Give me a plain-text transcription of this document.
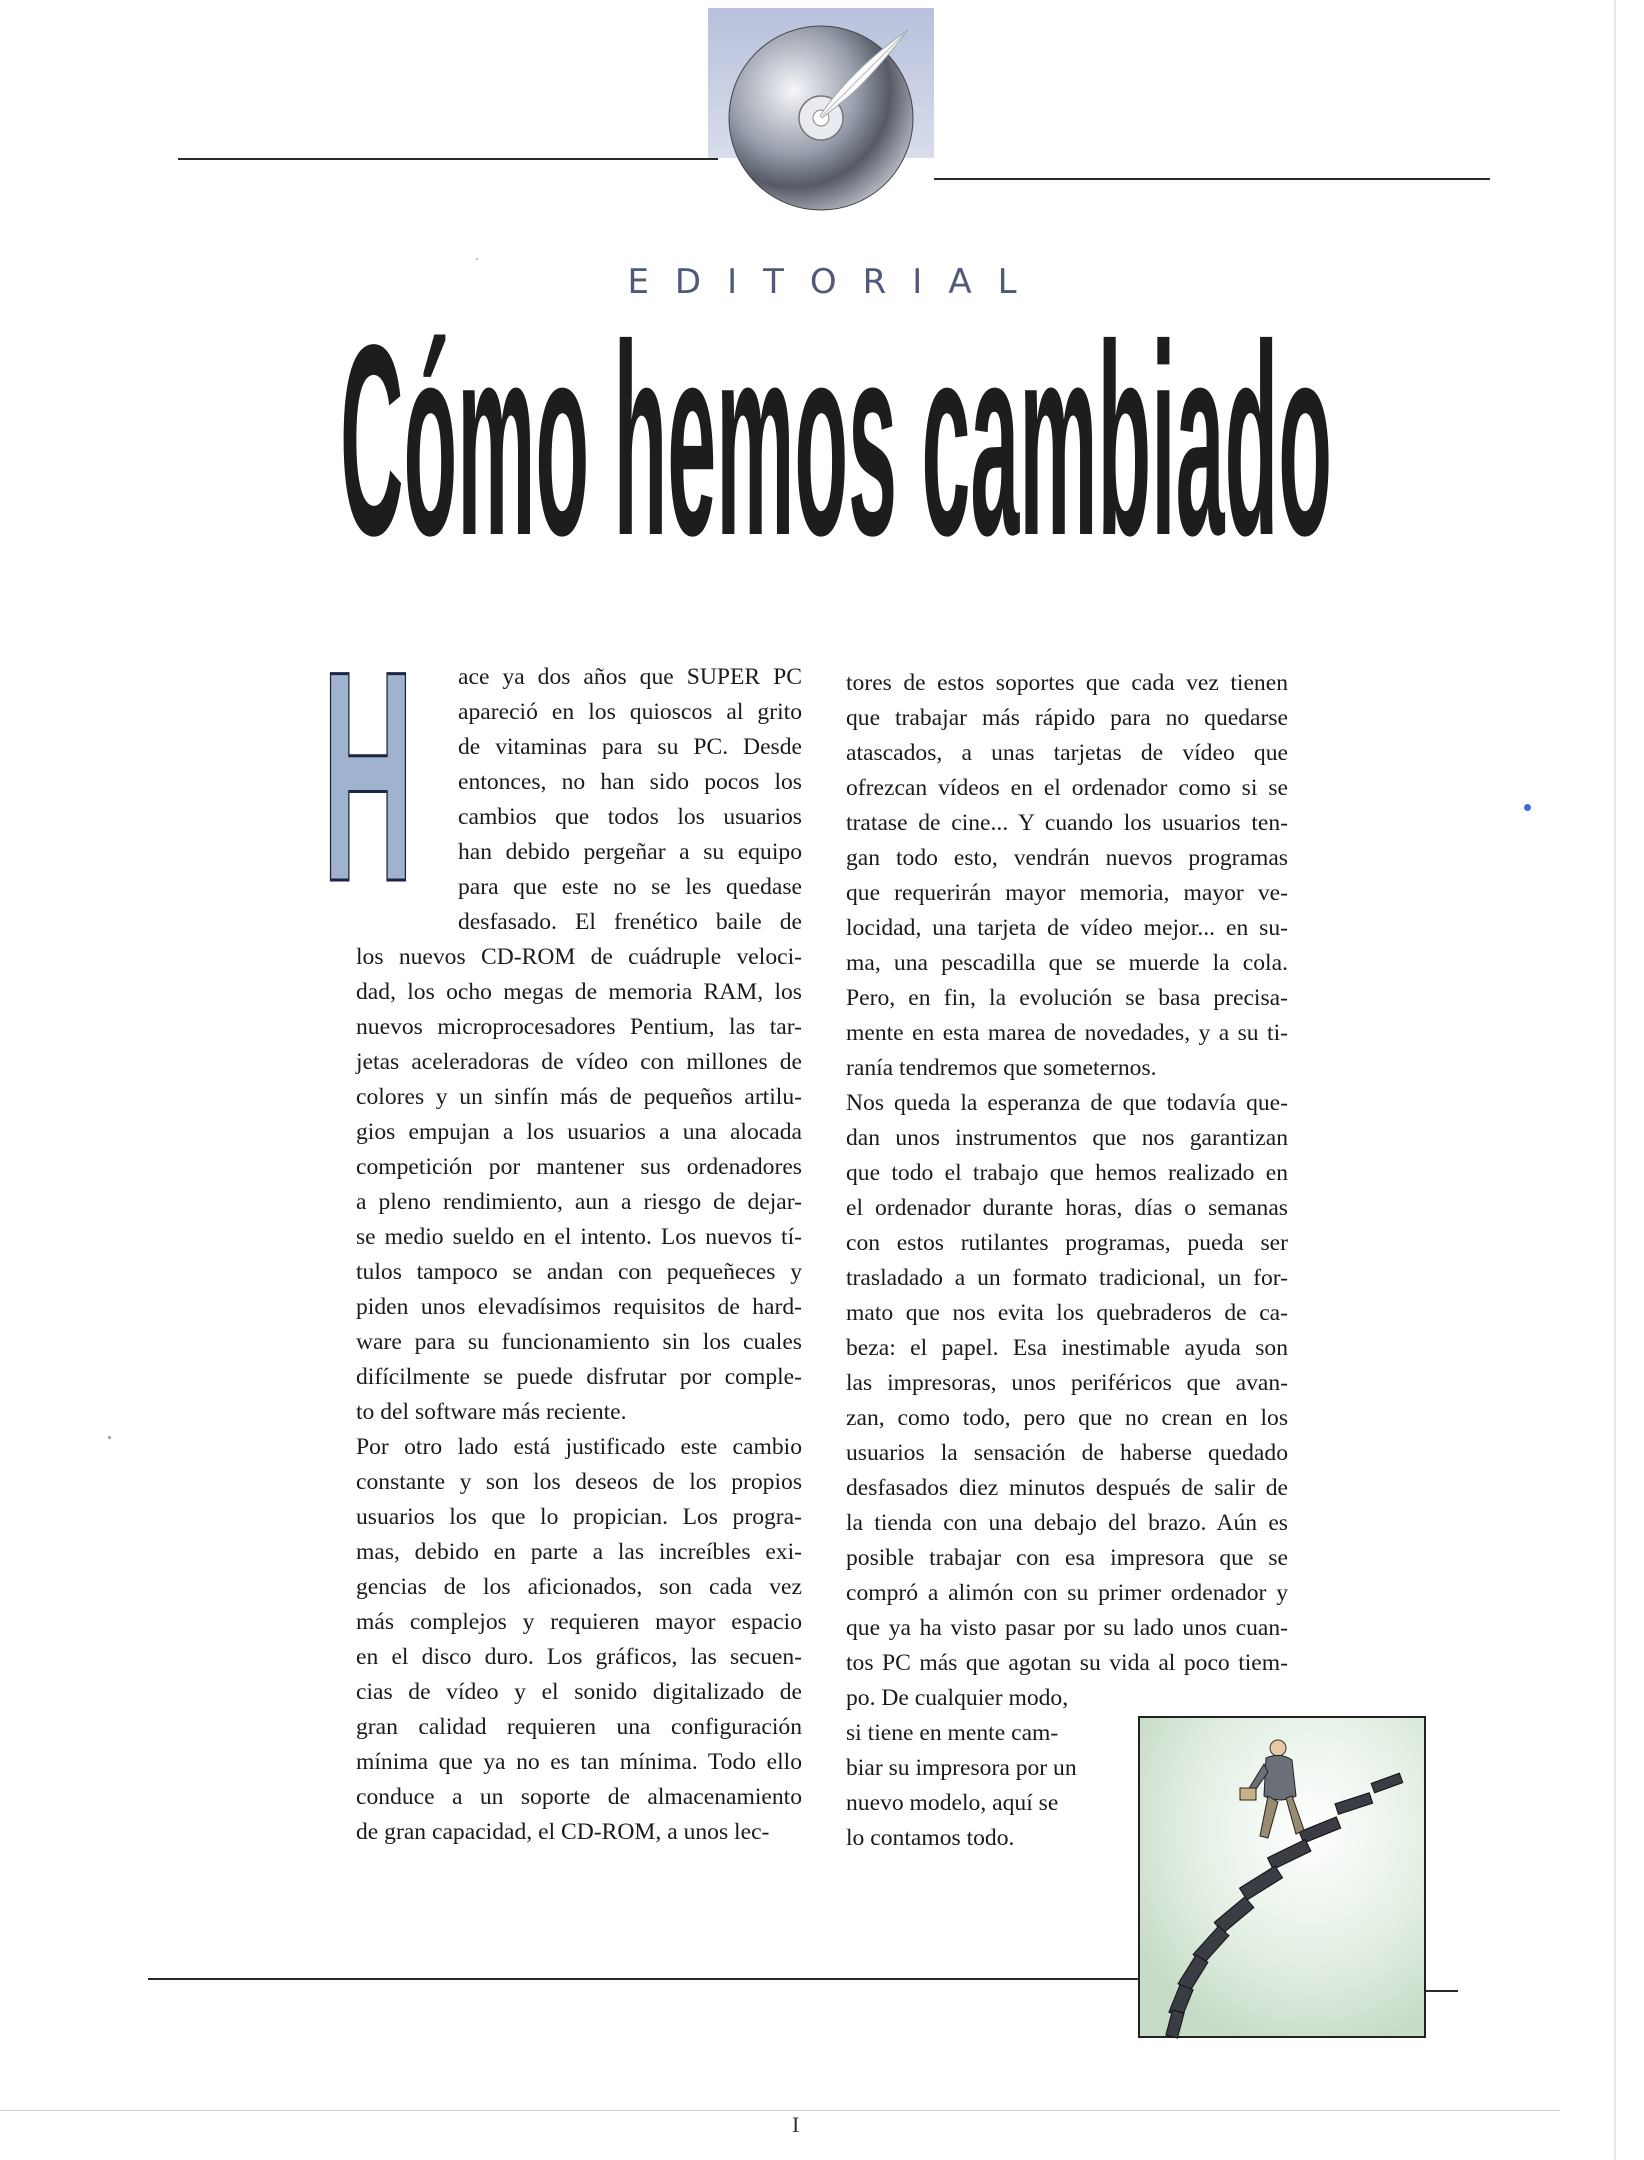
EDITORIAL
Cómo hemos cambiado
H	ace ya dos años que SUPER PC
apareció en los quioscos al grito
de vitaminas para su PC. Desde
entonces, no han sido pocos los
cambios que todos los usuarios
han debido pergeñar a su equipo
para que este no se les quedase
desfasado. El frenético baile de
los nuevos CD-ROM de cuádruple veloci-
dad, los ocho megas de memoria RAM, los
nuevos microprocesadores Pentium, las tar-
jetas aceleradoras de vídeo con millones de
colores y un sinfín más de pequeños artilu-
gios empujan a los usuarios a una alocada
competición por mantener sus ordenadores
a pleno rendimiento, aun a riesgo de dejar-
se medio sueldo en el intento. Los nuevos tí-
tulos tampoco se andan con pequeñeces y
piden unos elevadísimos requisitos de hard-
ware para su funcionamiento sin los cuales
difícilmente se puede disfrutar por comple-
to del software más reciente.

Por otro lado está justificado este cambio
constante y son los deseos de los propios
usuarios los que lo propician. Los progra-
mas, debido en parte a las increíbles exi-
gencias de los aficionados, son cada vez
más complejos y requieren mayor espacio
en el disco duro. Los gráficos, las secuen-
cias de vídeo y el sonido digitalizado de
gran calidad requieren una configuración
mínima que ya no es tan mínima. Todo ello
conduce a un soporte de almacenamiento
de gran capacidad, el CD-ROM, a unos lec-

tores de estos soportes que cada vez tienen
que trabajar más rápido para no quedarse
atascados, a unas tarjetas de vídeo que
ofrezcan vídeos en el ordenador como si se
tratase de cine... Y cuando los usuarios ten-
gan todo esto, vendrán nuevos programas
que requerirán mayor memoria, mayor ve-
locidad, una tarjeta de vídeo mejor... en su-
ma, una pescadilla que se muerde la cola.
Pero, en fin, la evolución se basa precisa-
mente en esta marea de novedades, y a su ti-
ranía tendremos que someternos.

Nos queda la esperanza de que todavía que-
dan unos instrumentos que nos garantizan
que todo el trabajo que hemos realizado en
el ordenador durante horas, días o semanas
con estos rutilantes programas, pueda ser
trasladado a un formato tradicional, un for-
mato que nos evita los quebraderos de ca-
beza: el papel. Esa inestimable ayuda son
las impresoras, unos periféricos que avan-
zan, como todo, pero que no crean en los
usuarios la sensación de haberse quedado
desfasados diez minutos después de salir de
la tienda con una debajo del brazo. Aún es
posible trabajar con esa impresora que se
compró a alimón con su primer ordenador y
que ya ha visto pasar por su lado unos cuan-
tos PC más que agotan su vida al poco tiem-
po. De cualquier modo,
si tiene en mente cam-
biar su impresora por un
nuevo modelo, aquí se
lo contamos todo.

I
